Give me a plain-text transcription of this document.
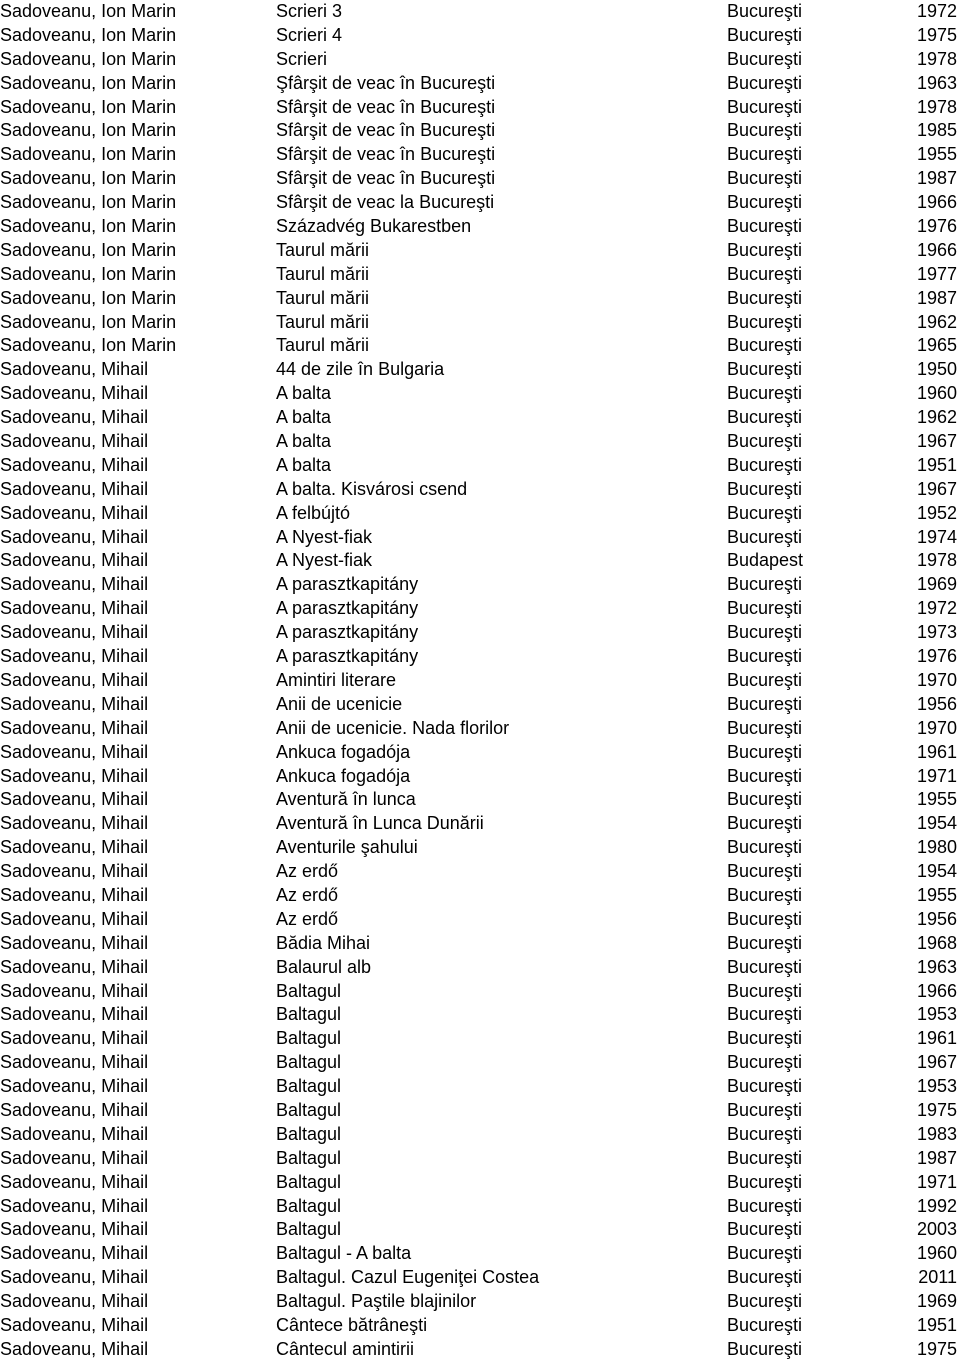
Sadoveanu, Ion Marin	Scrieri 3	Bucureşti	1972
Sadoveanu, Ion Marin	Scrieri 4	Bucureşti	1975
Sadoveanu, Ion Marin	Scrieri	Bucureşti	1978
Sadoveanu, Ion Marin	Şfârşit de veac în Bucureşti	Bucureşti	1963
Sadoveanu, Ion Marin	Sfârşit de veac în Bucureşti	Bucureşti	1978
Sadoveanu, Ion Marin	Sfârşit de veac în Bucureşti	Bucureşti	1985
Sadoveanu, Ion Marin	Sfârşit de veac în Bucureşti	Bucureşti	1955
Sadoveanu, Ion Marin	Sfârşit de veac în Bucureşti	Bucureşti	1987
Sadoveanu, Ion Marin	Sfârşit de veac la Bucureşti	Bucureşti	1966
Sadoveanu, Ion Marin	Századvég Bukarestben	Bucureşti	1976
Sadoveanu, Ion Marin	Taurul mării	Bucureşti	1966
Sadoveanu, Ion Marin	Taurul mării	Bucureşti	1977
Sadoveanu, Ion Marin	Taurul mării	Bucureşti	1987
Sadoveanu, Ion Marin	Taurul mării	Bucureşti	1962
Sadoveanu, Ion Marin	Taurul mării	Bucureşti	1965
Sadoveanu, Mihail	44 de zile în Bulgaria	Bucureşti	1950
Sadoveanu, Mihail	A balta	Bucureşti	1960
Sadoveanu, Mihail	A balta	Bucureşti	1962
Sadoveanu, Mihail	A balta	Bucureşti	1967
Sadoveanu, Mihail	A balta	Bucureşti	1951
Sadoveanu, Mihail	A balta. Kisvárosi csend	Bucureşti	1967
Sadoveanu, Mihail	A felbújtó	Bucureşti	1952
Sadoveanu, Mihail	A Nyest-fiak	Bucureşti	1974
Sadoveanu, Mihail	A Nyest-fiak	Budapest	1978
Sadoveanu, Mihail	A parasztkapitány	Bucureşti	1969
Sadoveanu, Mihail	A parasztkapitány	Bucureşti	1972
Sadoveanu, Mihail	A parasztkapitány	Bucureşti	1973
Sadoveanu, Mihail	A parasztkapitány	Bucureşti	1976
Sadoveanu, Mihail	Amintiri literare	Bucureşti	1970
Sadoveanu, Mihail	Anii de ucenicie	Bucureşti	1956
Sadoveanu, Mihail	Anii de ucenicie. Nada florilor	Bucureşti	1970
Sadoveanu, Mihail	Ankuca fogadója	Bucureşti	1961
Sadoveanu, Mihail	Ankuca fogadója	Bucureşti	1971
Sadoveanu, Mihail	Aventură în lunca	Bucureşti	1955
Sadoveanu, Mihail	Aventură în Lunca Dunării	Bucureşti	1954
Sadoveanu, Mihail	Aventurile şahului	Bucureşti	1980
Sadoveanu, Mihail	Az erdő	Bucureşti	1954
Sadoveanu, Mihail	Az erdő	Bucureşti	1955
Sadoveanu, Mihail	Az erdő	Bucureşti	1956
Sadoveanu, Mihail	Bădia Mihai	Bucureşti	1968
Sadoveanu, Mihail	Balaurul alb	Bucureşti	1963
Sadoveanu, Mihail	Baltagul	Bucureşti	1966
Sadoveanu, Mihail	Baltagul	Bucureşti	1953
Sadoveanu, Mihail	Baltagul	Bucureşti	1961
Sadoveanu, Mihail	Baltagul	Bucureşti	1967
Sadoveanu, Mihail	Baltagul	Bucureşti	1953
Sadoveanu, Mihail	Baltagul	Bucureşti	1975
Sadoveanu, Mihail	Baltagul	Bucureşti	1983
Sadoveanu, Mihail	Baltagul	Bucureşti	1987
Sadoveanu, Mihail	Baltagul	Bucureşti	1971
Sadoveanu, Mihail	Baltagul	Bucureşti	1992
Sadoveanu, Mihail	Baltagul	Bucureşti	2003
Sadoveanu, Mihail	Baltagul - A balta	Bucureşti	1960
Sadoveanu, Mihail	Baltagul. Cazul Eugeniţei Costea	Bucureşti	2011
Sadoveanu, Mihail	Baltagul. Paştile blajinilor	Bucureşti	1969
Sadoveanu, Mihail	Cântece bătrâneşti	Bucureşti	1951
Sadoveanu, Mihail	Cântecul amintirii	Bucureşti	1975
